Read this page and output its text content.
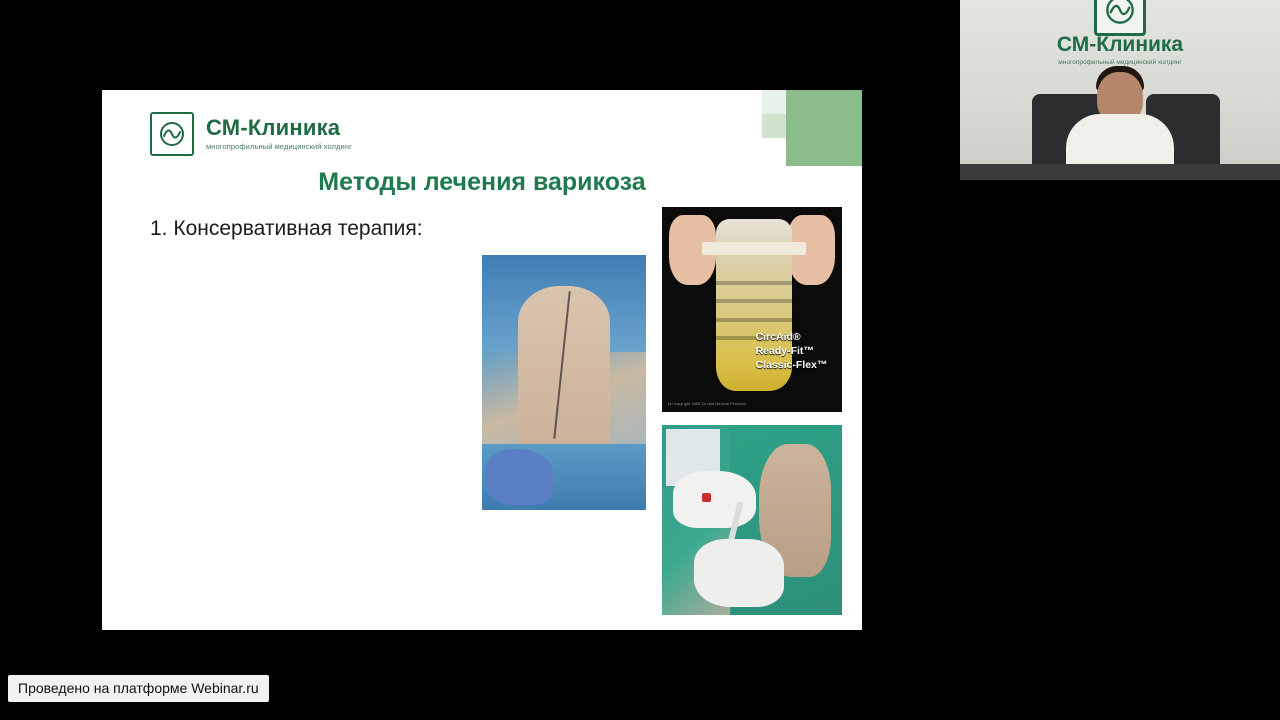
СМ-Клиника
многопрофильный медицинский холдинг
Методы лечения варикоза
1. Консервативная терапия:
CircAid®
Ready-Fit™
Classic-Flex™
1st copyright 2005 Circaid Medical Products
СМ-Клиника
многопрофильный медицинский холдинг
Проведено на платформе Webinar.ru
